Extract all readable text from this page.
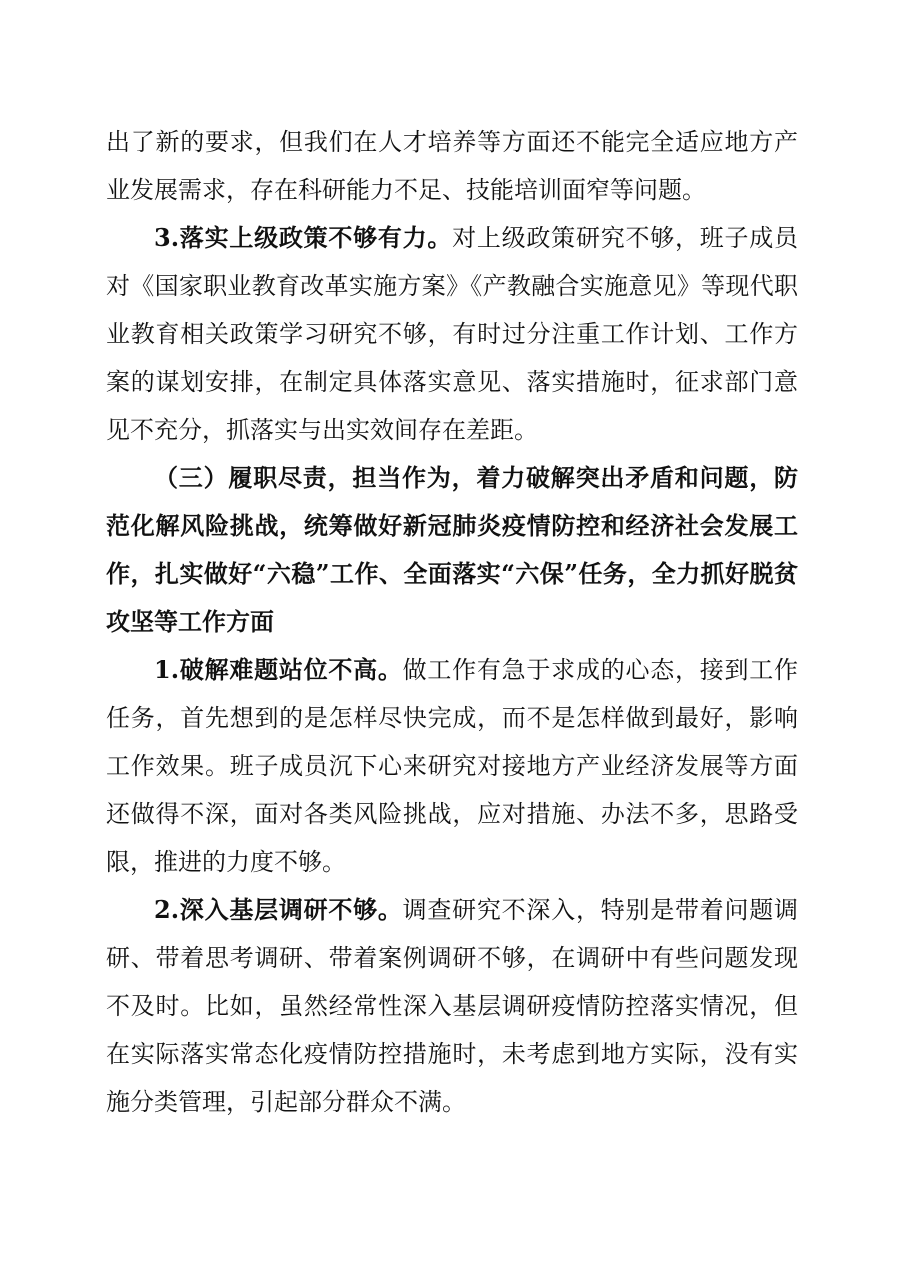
出了新的要求，但我们在人才培养等方面还不能完全适应地方产业发展需求，存在科研能力不足、技能培训面窄等问题。

3.落实上级政策不够有力。对上级政策研究不够，班子成员对《国家职业教育改革实施方案》《产教融合实施意见》等现代职业教育相关政策学习研究不够，有时过分注重工作计划、工作方案的谋划安排，在制定具体落实意见、落实措施时，征求部门意见不充分，抓落实与出实效间存在差距。

（三）履职尽责，担当作为，着力破解突出矛盾和问题，防范化解风险挑战，统筹做好新冠肺炎疫情防控和经济社会发展工作，扎实做好“六稳”工作、全面落实“六保”任务，全力抓好脱贫攻坚等工作方面

1.破解难题站位不高。做工作有急于求成的心态，接到工作任务，首先想到的是怎样尽快完成，而不是怎样做到最好，影响工作效果。班子成员沉下心来研究对接地方产业经济发展等方面还做得不深，面对各类风险挑战，应对措施、办法不多，思路受限，推进的力度不够。

2.深入基层调研不够。调查研究不深入，特别是带着问题调研、带着思考调研、带着案例调研不够，在调研中有些问题发现不及时。比如，虽然经常性深入基层调研疫情防控落实情况，但在实际落实常态化疫情防控措施时，未考虑到地方实际，没有实施分类管理，引起部分群众不满。
